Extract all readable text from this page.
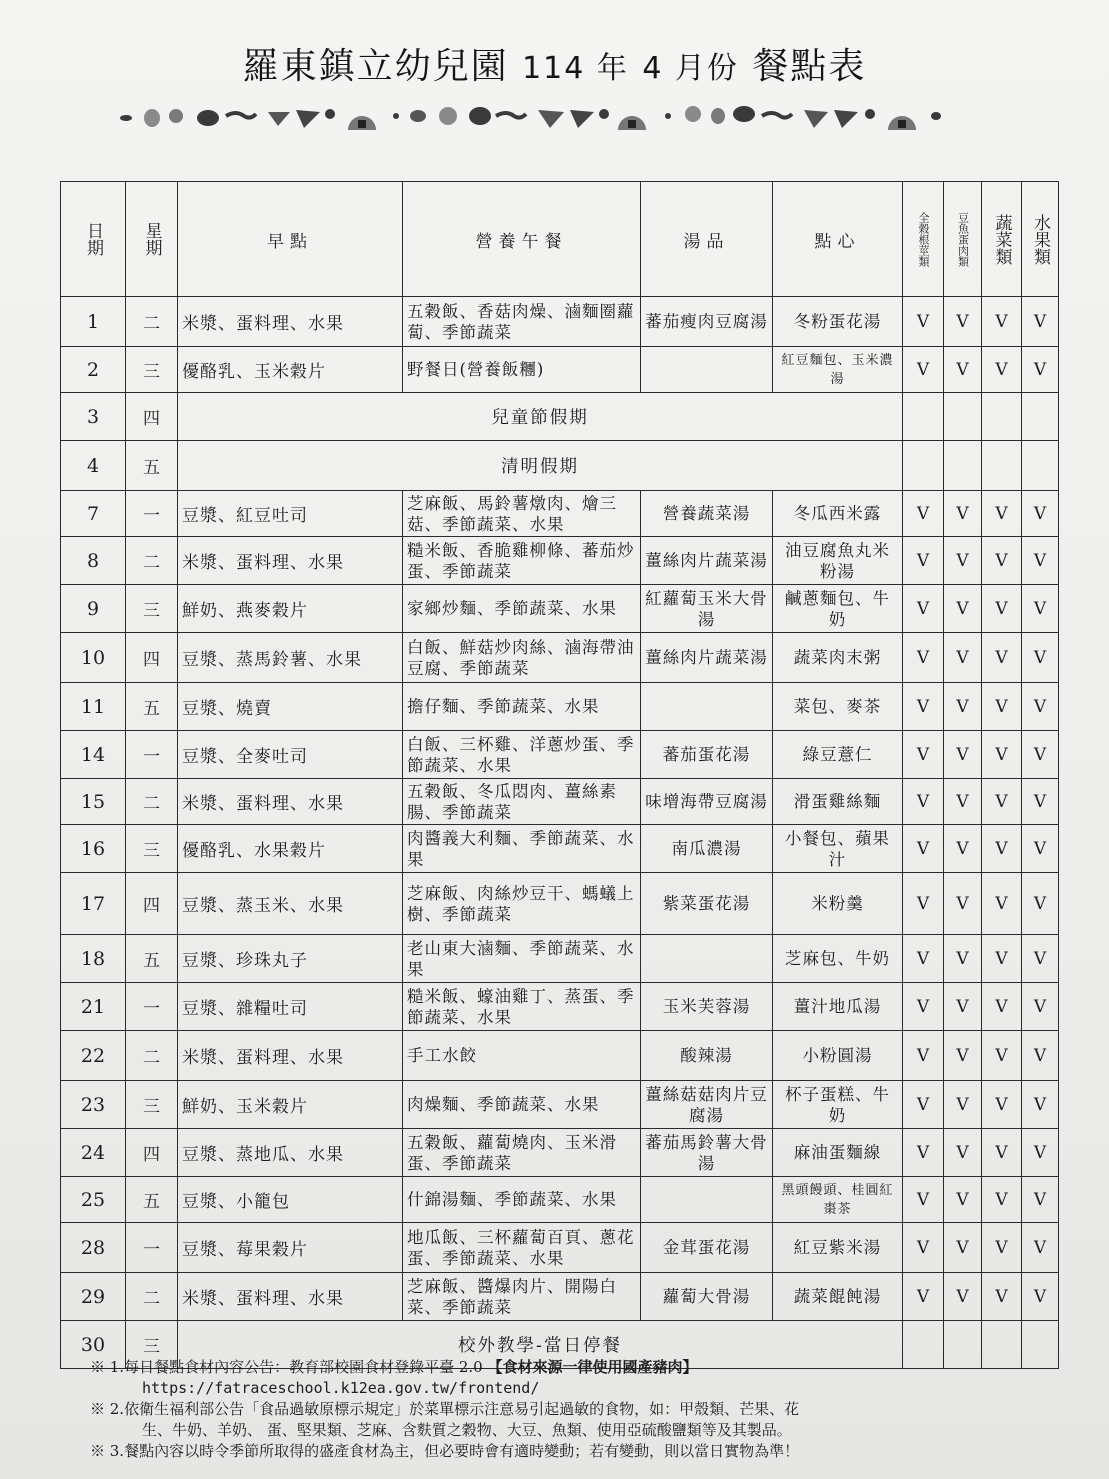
羅東鎮立幼兒園 114 年 4 月份 餐點表
日期	星期	早點	營養午餐	湯品	點心	全穀根莖類	豆魚蛋肉類	蔬菜類	水果類
1	二	米漿、蛋料理、水果	五穀飯、香菇肉燥、滷麵圈蘿蔔、季節蔬菜	蕃茄瘦肉豆腐湯	冬粉蛋花湯	V	V	V	V
2	三	優酪乳、玉米穀片	野餐日(營養飯糰)		紅豆麵包、玉米濃湯	V	V	V	V
3	四	兒童節假期							
4	五	清明假期							
7	一	豆漿、紅豆吐司	芝麻飯、馬鈴薯燉肉、燴三菇、季節蔬菜、水果	營養蔬菜湯	冬瓜西米露	V	V	V	V
8	二	米漿、蛋料理、水果	糙米飯、香脆雞柳條、蕃茄炒蛋、季節蔬菜	薑絲肉片蔬菜湯	油豆腐魚丸米粉湯	V	V	V	V
9	三	鮮奶、燕麥穀片	家鄉炒麵、季節蔬菜、水果	紅蘿蔔玉米大骨湯	鹹蔥麵包、牛奶	V	V	V	V
10	四	豆漿、蒸馬鈴薯、水果	白飯、鮮菇炒肉絲、滷海帶油豆腐、季節蔬菜	薑絲肉片蔬菜湯	蔬菜肉末粥	V	V	V	V
11	五	豆漿、燒賣	擔仔麵、季節蔬菜、水果		菜包、麥茶	V	V	V	V
14	一	豆漿、全麥吐司	白飯、三杯雞、洋蔥炒蛋、季節蔬菜、水果	蕃茄蛋花湯	綠豆薏仁	V	V	V	V
15	二	米漿、蛋料理、水果	五穀飯、冬瓜悶肉、薑絲素腸、季節蔬菜	味增海帶豆腐湯	滑蛋雞絲麵	V	V	V	V
16	三	優酪乳、水果穀片	肉醬義大利麵、季節蔬菜、水果	南瓜濃湯	小餐包、蘋果汁	V	V	V	V
17	四	豆漿、蒸玉米、水果	芝麻飯、肉絲炒豆干、螞蟻上樹、季節蔬菜	紫菜蛋花湯	米粉羹	V	V	V	V
18	五	豆漿、珍珠丸子	老山東大滷麵、季節蔬菜、水果		芝麻包、牛奶	V	V	V	V
21	一	豆漿、雜糧吐司	糙米飯、蠔油雞丁、蒸蛋、季節蔬菜、水果	玉米芙蓉湯	薑汁地瓜湯	V	V	V	V
22	二	米漿、蛋料理、水果	手工水餃	酸辣湯	小粉圓湯	V	V	V	V
23	三	鮮奶、玉米穀片	肉燥麵、季節蔬菜、水果	薑絲菇菇肉片豆腐湯	杯子蛋糕、牛奶	V	V	V	V
24	四	豆漿、蒸地瓜、水果	五穀飯、蘿蔔燒肉、玉米滑蛋、季節蔬菜	蕃茄馬鈴薯大骨湯	麻油蛋麵線	V	V	V	V
25	五	豆漿、小籠包	什錦湯麵、季節蔬菜、水果		黑頭饅頭、桂圓紅棗茶	V	V	V	V
28	一	豆漿、莓果穀片	地瓜飯、三杯蘿蔔百頁、蔥花蛋、季節蔬菜、水果	金茸蛋花湯	紅豆紫米湯	V	V	V	V
29	二	米漿、蛋料理、水果	芝麻飯、醬爆肉片、開陽白菜、季節蔬菜	蘿蔔大骨湯	蔬菜餛飩湯	V	V	V	V
30	三	校外教學-當日停餐							
※ 1.每日餐點食材內容公告：教育部校園食材登錄平臺 2.0 【食材來源一律使用國產豬肉】
https://fatraceschool.k12ea.gov.tw/frontend/
※ 2.依衛生福利部公告「食品過敏原標示規定」於菜單標示注意易引起過敏的食物，如：甲殼類、芒果、花
生、牛奶、羊奶、 蛋、堅果類、芝麻、含麩質之穀物、大豆、魚類、使用亞硫酸鹽類等及其製品。
※ 3.餐點內容以時令季節所取得的盛產食材為主，但必要時會有適時變動；若有變動，則以當日實物為準！
